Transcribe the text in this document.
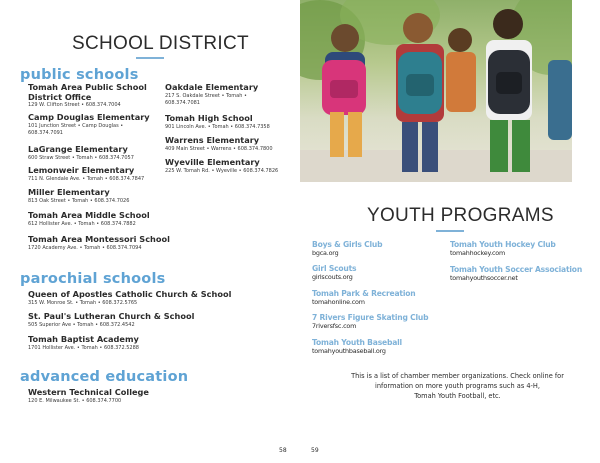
SCHOOL DISTRICT
public schools
Tomah Area Public School
District Office
129 W. Clifton Street • 608.374.7004
Camp Douglas Elementary
101 Junction Street • Camp Douglas •
608.374.7091
LaGrange Elementary
600 Straw Street • Tomah • 608.374.7057
Lemonweir Elementary
711 N. Glendale Ave. • Tomah • 608.374.7847
Miller Elementary
813 Oak Street • Tomah • 608.374.7026
Tomah Area Middle School
612 Hollister Ave. • Tomah • 608.374.7882
Tomah Area Montessori School
1720 Academy Ave. • Tomah • 608.374.7094
Oakdale Elementary
217 S. Oakdale Street • Tomah •
608.374.7081
Tomah High School
901 Lincoln Ave. • Tomah • 608.374.7358
Warrens Elementary
409 Main Street • Warrens • 608.374.7800
Wyeville Elementary
225 W. Tomah Rd. • Wyeville • 608.374.7826
parochial schools
Queen of Apostles Catholic Church & School
315 W. Monroe St. • Tomah • 608.372.5765
St. Paul's Lutheran Church & School
505 Superior Ave • Tomah • 608.372.4542
Tomah Baptist Academy
1701 Hollister Ave. • Tomah • 608.372.5288
advanced education
Western Technical College
120 E. Milwaukee St. • 608.374.7700
58
YOUTH PROGRAMS
Boys & Girls Club
bgca.org
Girl Scouts
girlscouts.org
Tomah Park & Recreation
tomahonline.com
7 Rivers Figure Skating Club
7riversfsc.com
Tomah Youth Baseball
tomahyouthbaseball.org
Tomah Youth Hockey Club
tomahhockey.com
Tomah Youth Soccer Association
tomahyouthsoccer.net
This is a list of chamber member organizations. Check online for
information on more youth programs such as 4-H,
Tomah Youth Football, etc.
59
